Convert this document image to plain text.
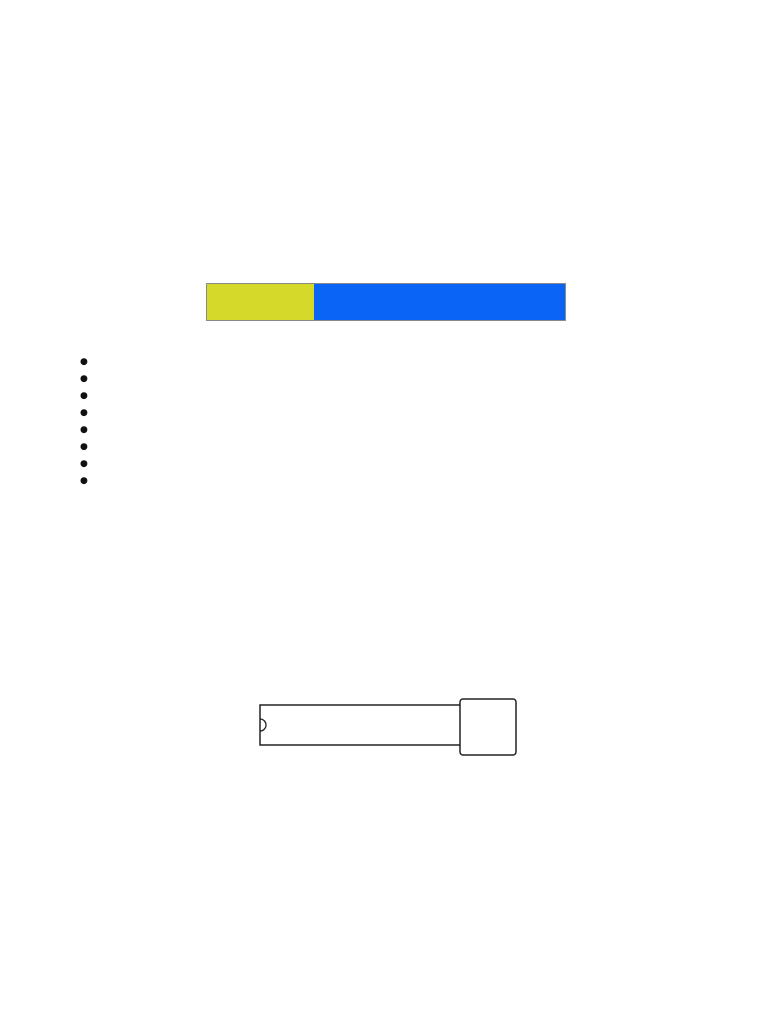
●
●
●
●
●
●
●
●
